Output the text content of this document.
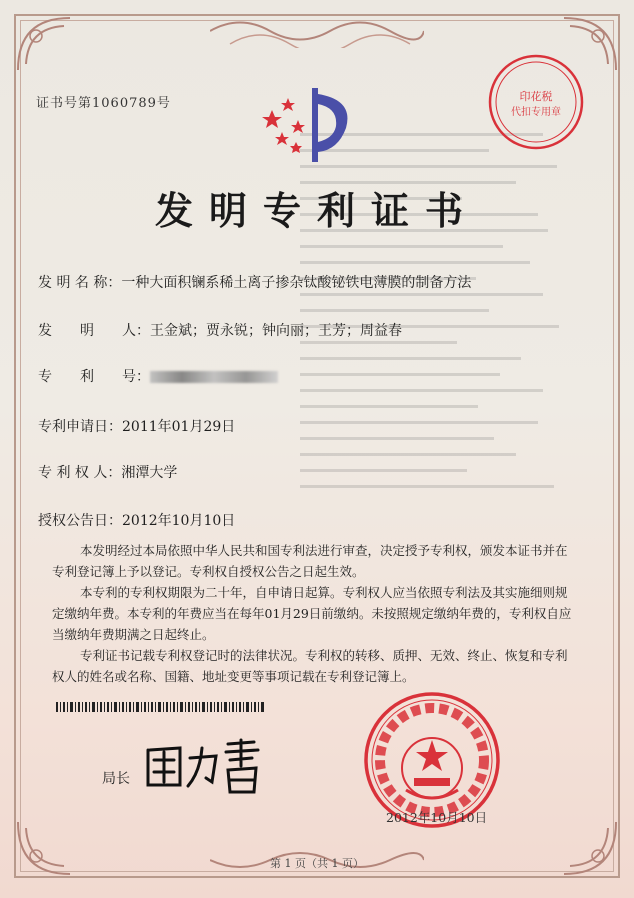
证书号第1060789号	印花税
代扣专用章
发明专利证书
发 明 名 称：一种大面积镧系稀土离子掺杂钛酸铋铁电薄膜的制备方法
发　　明　　人：王金斌；贾永锐；钟向丽；王芳；周益春
专　　利　　号：
专利申请日：2011年01月29日
专 利 权 人：湘潭大学
授权公告日：2012年10月10日

本发明经过本局依照中华人民共和国专利法进行审查，决定授予专利权，颁发本证书并在专利登记簿上予以登记。专利权自授权公告之日起生效。

本专利的专利权期限为二十年，自申请日起算。专利权人应当依照专利法及其实施细则规定缴纳年费。本专利的年费应当在每年01月29日前缴纳。未按照规定缴纳年费的，专利权自应当缴纳年费期满之日起终止。

专利证书记载专利权登记时的法律状况。专利权的转移、质押、无效、终止、恢复和专利权人的姓名或名称、国籍、地址变更等事项记载在专利登记簿上。

局长
2012年10月10日
第 1 页（共 1 页）
